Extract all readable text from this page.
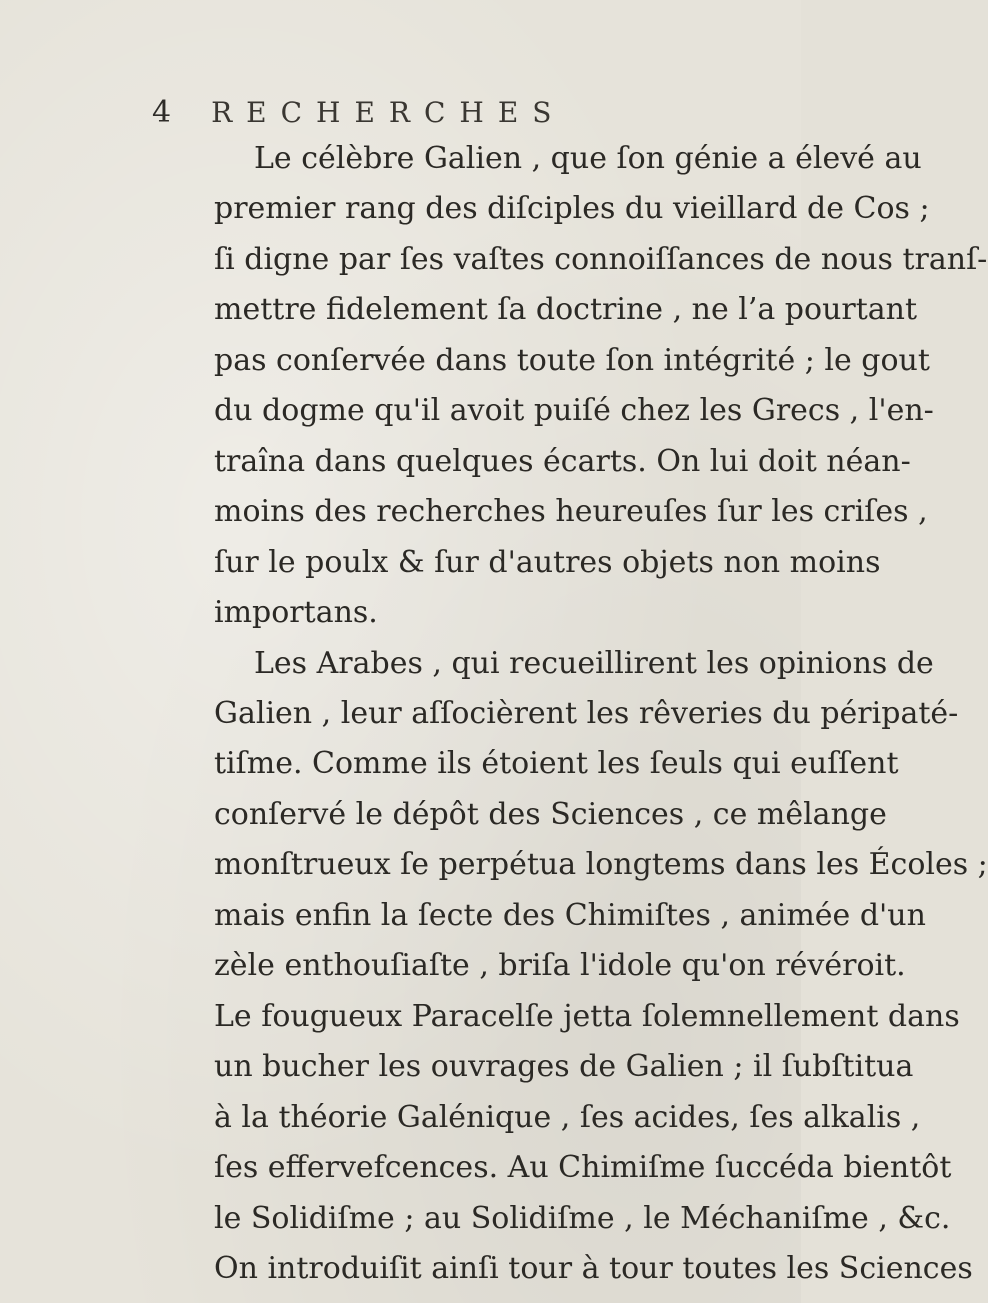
4 RECHERCHES
Le célèbre Galien , que ſon génie a élevé au
premier rang des diſciples du vieillard de Cos ;
ſi digne par ſes vaſtes connoiſſances de nous tranſ-
mettre fidelement ſa doctrine , ne l’a pourtant
pas conſervée dans toute ſon intégrité ; le gout
du dogme qu'il avoit puiſé chez les Grecs , l'en-
traîna dans quelques écarts. On lui doit néan-
moins des recherches heureuſes ſur les criſes ,
ſur le poulx & ſur d'autres objets non moins
importans.
Les Arabes , qui recueillirent les opinions de
Galien , leur aſſocièrent les rêveries du péripaté-
tiſme. Comme ils étoient les ſeuls qui euſſent
conſervé le dépôt des Sciences , ce mêlange
monſtrueux ſe perpétua longtems dans les Écoles ;
mais enfin la ſecte des Chimiſtes , animée d'un
zèle enthouſiaſte , briſa l'idole qu'on révéroit.
Le fougueux Paracelſe jetta ſolemnellement dans
un bucher les ouvrages de Galien ; il ſubſtitua
à la théorie Galénique , ſes acides, ſes alkalis ,
ſes effervefcences. Au Chimiſme ſuccéda bientôt
le Solidiſme ; au Solidiſme , le Méchaniſme , &c.
On introduiſit ainſi tour à tour toutes les Sciences
